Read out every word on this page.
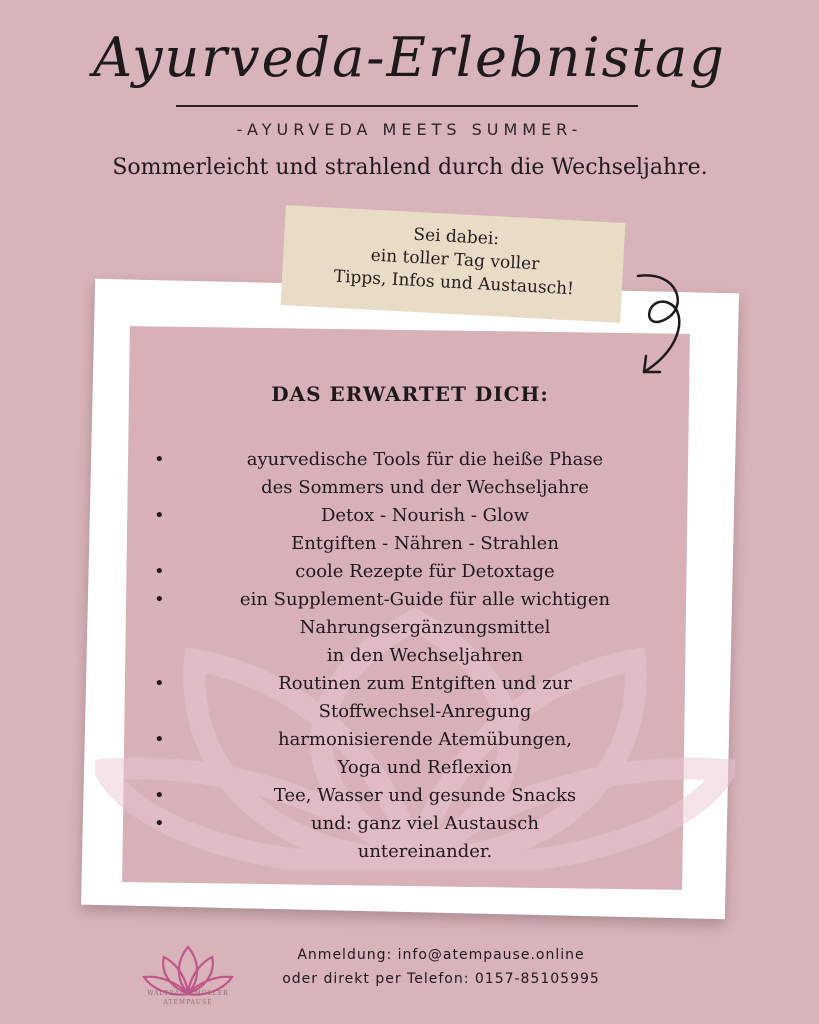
Ayurveda-Erlebnistag
-AYURVEDA MEETS SUMMER-
Sommerleicht und strahlend durch die Wechseljahre.
Sei dabei:
ein toller Tag voller
Tipps, Infos und Austausch!
DAS ERWARTET DICH:
•	ayurvedische Tools für die heiße Phase
des Sommers und der Wechseljahre
•	Detox - Nourish - Glow
Entgiften - Nähren - Strahlen
•	coole Rezepte für Detoxtage
•	ein Supplement-Guide für alle wichtigen
Nahrungsergänzungsmittel
in den Wechseljahren
•	Routinen zum Entgiften und zur
Stoffwechsel-Anregung
•	harmonisierende Atemübungen,
Yoga und Reflexion
•	Tee, Wasser und gesunde Snacks
•	und: ganz viel Austausch
untereinander.
WALTRAUD MÜLLER
ATEMPAUSE
Anmeldung: info@atempause.online
oder direkt per Telefon: 0157-85105995
